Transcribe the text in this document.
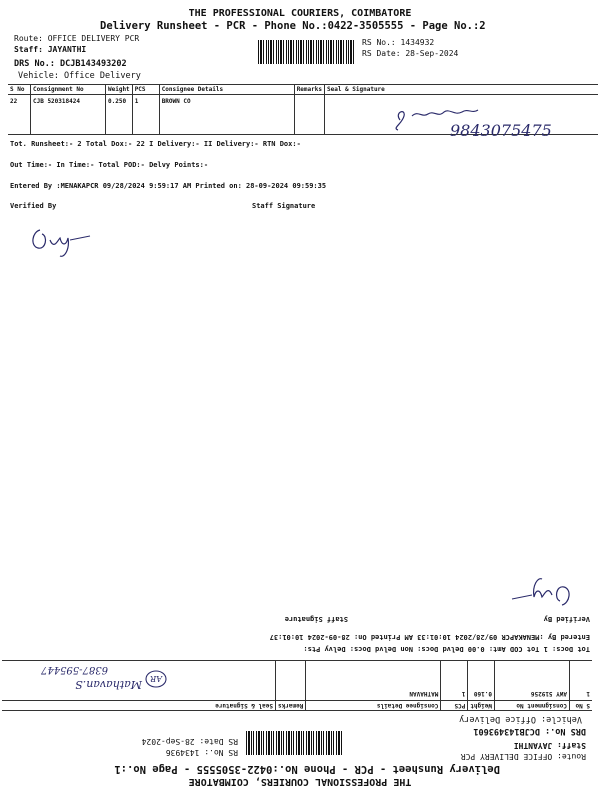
THE PROFESSIONAL COURIERS, COIMBATORE
Delivery Runsheet - PCR - Phone No.:0422-3505555 - Page No.:2
Route: OFFICE DELIVERY PCR
Staff: JAYANTHI
DRS No.: DCJB143493202
Vehicle: Office Delivery
RS No.: 1434932
RS Date: 28-Sep-2024
S No	Consignment No	Weight	PCS	Consignee Details	Remarks	Seal & Signature
22	CJB 520318424	0.250	1	BROWN CO		
9843075475
Tot. Runsheet:- 2 Total Dox:- 22 I Delivery:- II Delivery:- RTN Dox:-
Out Time:- In Time:- Total POD:- Delvy Points:-
Entered By :MENAKAPCR 09/28/2024 9:59:17 AM Printed on: 28-09-2024 09:59:35
Verified By	Staff Signature
THE PROFESSIONAL COURIERS, COIMBATORE
Delivery Runsheet - PCR - Phone No.:0422-3505555 - Page No.:1
Route: OFFICE DELIVERY PCR
Staff: JAYANTHI
DRS No.: DCJB143493601
Vehicle: Office Delivery
RS No.: 1434936
RS Date: 28-Sep-2024
S No	Consignment No	Weight	PCS	Consignee Details	Remarks	Seal & Signature
1	AWY 519256	0.160	1	MATHAVAN		
AR
Mathavan.S
6387-595447
Tot Docs: 1 Tot COD Amt: 0.00 Delvd Docs: Non Delvd Docs: Delvy Pts:
Entered By :MENAKAPCR 09/28/2024 10:01:33 AM Printed On: 28-09-2024 10:01:37
Verified By
Staff Signature
